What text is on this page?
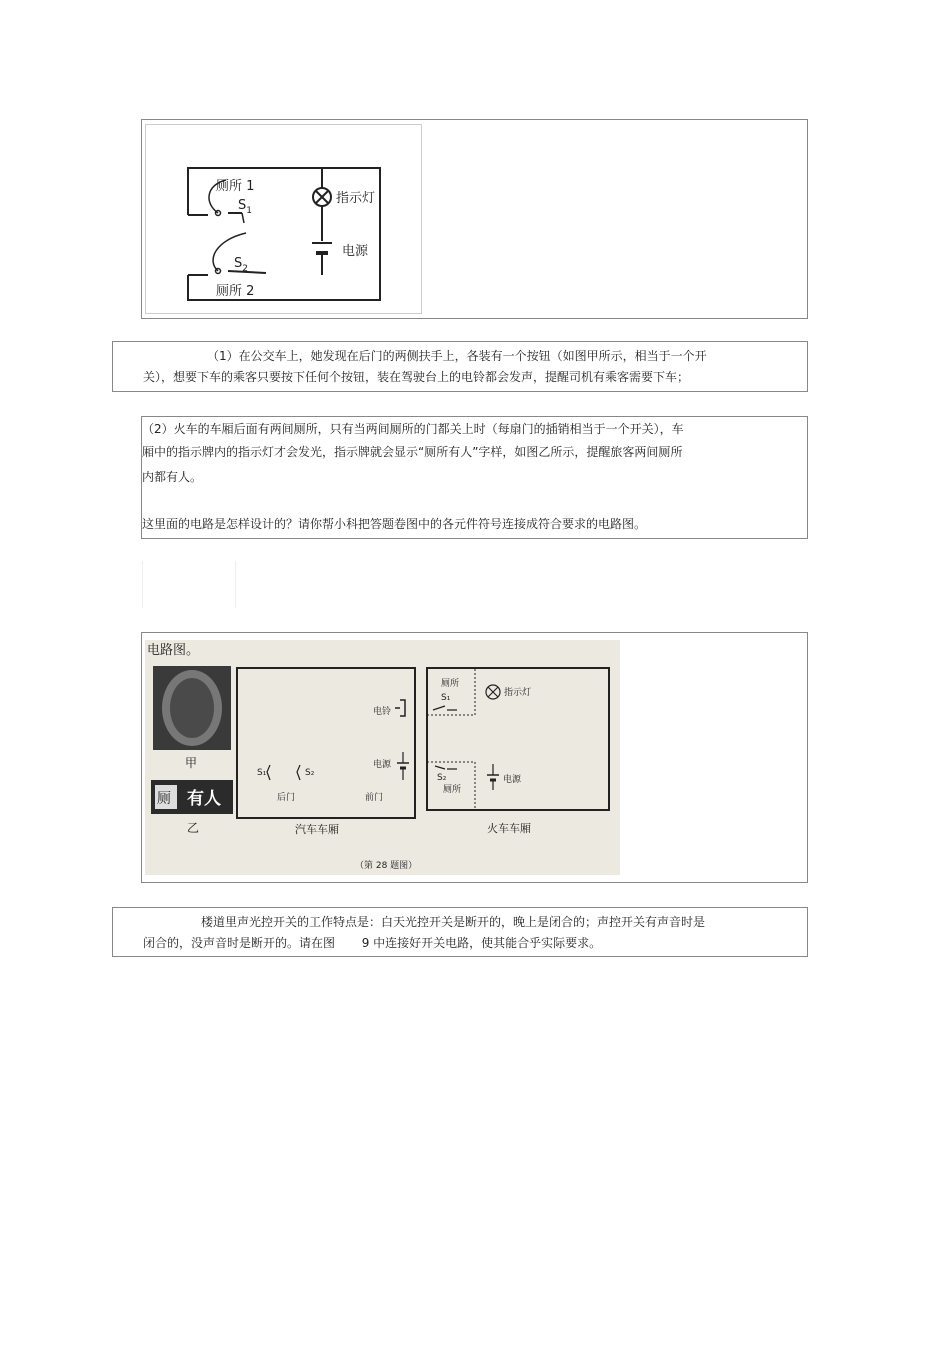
厕所 1
$S_1$
$S_2$
厕所 2
指示灯
电源
（1）在公交车上，她发现在后门的两侧扶手上，各装有一个按钮（如图甲所示，相当于一个开
关），想要下车的乘客只要按下任何个按钮，装在驾驶台上的电铃都会发声，提醒司机有乘客需要下车；
（2）火车的车厢后面有两间厕所，只有当两间厕所的门都关上时（每扇门的插销相当于一个开关），车
厢中的指示牌内的指示灯才会发光，指示牌就会显示“厕所有人”字样，如图乙所示，提醒旅客两间厕所
内都有人。
这里面的电路是怎样设计的？请你帮小科把答题卷图中的各元件符号连接成符合要求的电路图。
电路图。
甲
厕 有人
乙
电铃
电源
S₁	S₂
后门	前门
汽车车厢
厕所
S₁	指示灯
S₂
厕所
电源
火车车厢
（第 28 题图）
楼道里声光控开关的工作特点是：白天光控开关是断开的，晚上是闭合的；声控开关有声音时是
闭合的，没声音时是断开的。请在图       9 中连接好开关电路，使其能合乎实际要求。
